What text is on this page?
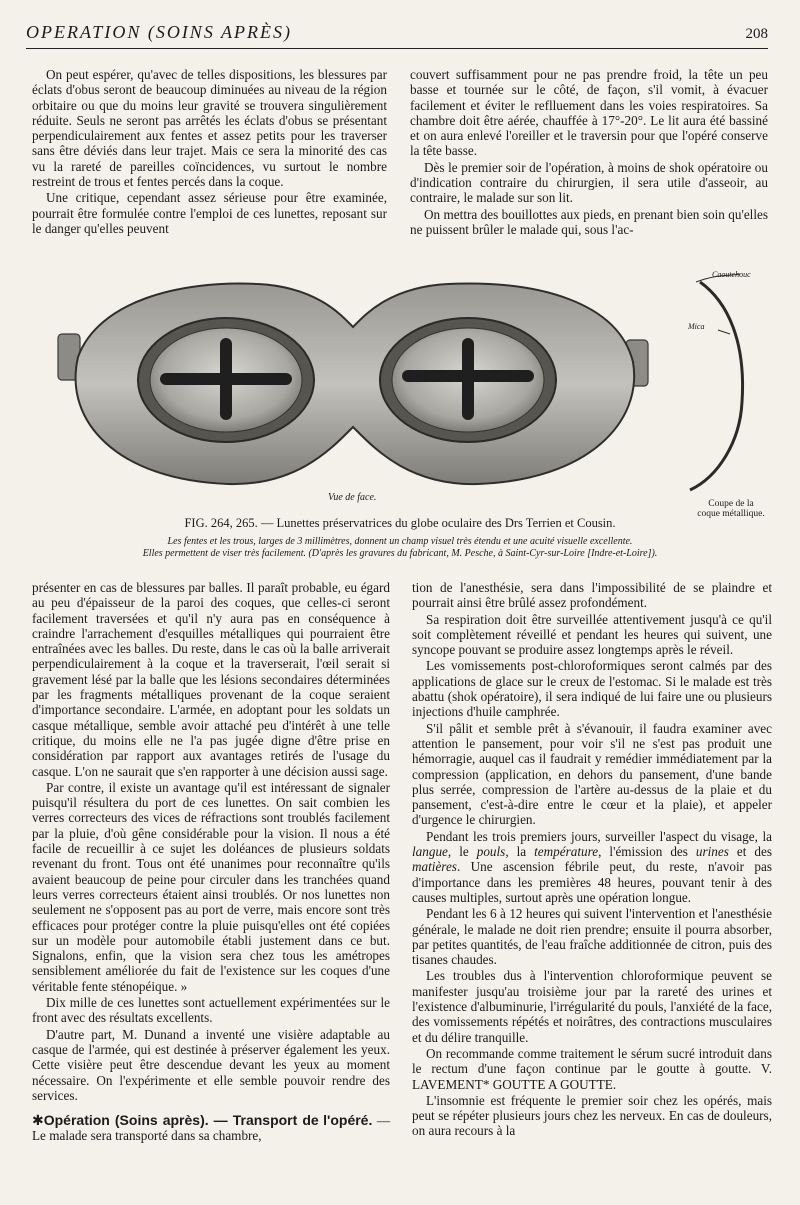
OPERATION (SOINS APRÈS)	208

On peut espérer, qu'avec de telles dispositions, les blessures par éclats d'obus seront de beaucoup diminuées au niveau de la région orbitaire ou que du moins leur gravité se trouvera singulièrement réduite. Seuls ne seront pas arrêtés les éclats d'obus se présentant perpendiculairement aux fentes et assez petits pour les traverser sans être déviés dans leur trajet. Mais ce sera la minorité des cas vu la rareté de pareilles coïncidences, vu surtout le nombre restreint de trous et fentes percés dans la coque.

Une critique, cependant assez sérieuse pour être examinée, pourrait être formulée contre l'emploi de ces lunettes, reposant sur le danger qu'elles peuvent

couvert suffisamment pour ne pas prendre froid, la tête un peu basse et tournée sur le côté, de façon, s'il vomit, à évacuer facilement et éviter le reflluement dans les voies respiratoires. Sa chambre doit être aérée, chauffée à 17°-20°. Le lit aura été bassiné et on aura enlevé l'oreiller et le traversin pour que l'opéré conserve la tête basse.

Dès le premier soir de l'opération, à moins de shok opératoire ou d'indication contraire du chirurgien, il sera utile d'asseoir, au contraire, le malade sur son lit.

On mettra des bouillottes aux pieds, en prenant bien soin qu'elles ne puissent brûler le malade qui, sous l'ac-

Vue de face.
Coupe de la coque métallique.
Caoutchouc
Mica
FIG. 264, 265. — Lunettes préservatrices du globe oculaire des Drs Terrien et Cousin.
Les fentes et les trous, larges de 3 millimètres, donnent un champ visuel très étendu et une acuité visuelle excellente.
Elles permettent de viser très facilement. (D'après les gravures du fabricant, M. Pesche, à Saint-Cyr-sur-Loire [Indre-et-Loire]).

présenter en cas de blessures par balles. Il paraît probable, eu égard au peu d'épaisseur de la paroi des coques, que celles-ci seront facilement traversées et qu'il n'y aura pas en conséquence à craindre l'arrachement d'esquilles métalliques qui pourraient être entraînées avec les balles. Du reste, dans le cas où la balle arriverait perpendiculairement à la coque et la traverserait, l'œil serait si gravement lésé par la balle que les lésions secondaires déterminées par les fragments métalliques provenant de la coque seraient d'importance secondaire. L'armée, en adoptant pour les soldats un casque métallique, semble avoir attaché peu d'intérêt à une telle critique, du moins elle ne l'a pas jugée digne d'être prise en considération par rapport aux avantages retirés de l'usage du casque. L'on ne saurait que s'en rapporter à une décision aussi sage.

Par contre, il existe un avantage qu'il est intéressant de signaler puisqu'il résultera du port de ces lunettes. On sait combien les verres correcteurs des vices de réfractions sont troublés facilement par la pluie, d'où gêne considérable pour la vision. Il nous a été facile de recueillir à ce sujet les doléances de plusieurs soldats revenant du front. Tous ont été unanimes pour reconnaître qu'ils avaient beaucoup de peine pour circuler dans les tranchées quand leurs verres correcteurs étaient ainsi troublés. Or nos lunettes non seulement ne s'opposent pas au port de verre, mais encore sont très efficaces pour protéger contre la pluie puisqu'elles ont été copiées sur un modèle pour automobile établi justement dans ce but. Signalons, enfin, que la vision sera chez tous les amétropes sensiblement améliorée du fait de l'existence sur les coques d'une véritable fente sténopéique. »

Dix mille de ces lunettes sont actuellement expérimentées sur le front avec des résultats excellents.

D'autre part, M. Dunand a inventé une visière adaptable au casque de l'armée, qui est destinée à préserver également les yeux. Cette visière peut être descendue devant les yeux au moment nécessaire. On l'expérimente et elle semble pouvoir rendre des services.

✱Opération (Soins après). — Transport de l'opéré. — Le malade sera transporté dans sa chambre,

tion de l'anesthésie, sera dans l'impossibilité de se plaindre et pourrait ainsi être brûlé assez profondément.

Sa respiration doit être surveillée attentivement jusqu'à ce qu'il soit complètement réveillé et pendant les heures qui suivent, une syncope pouvant se produire assez longtemps après le réveil.

Les vomissements post-chloroformiques seront calmés par des applications de glace sur le creux de l'estomac. Si le malade est très abattu (shok opératoire), il sera indiqué de lui faire une ou plusieurs injections d'huile camphrée.

S'il pâlit et semble prêt à s'évanouir, il faudra examiner avec attention le pansement, pour voir s'il ne s'est pas produit une hémorragie, auquel cas il faudrait y remédier immédiatement par la compression (application, en dehors du pansement, d'une bande plus serrée, compression de l'artère au-dessus de la plaie et du pansement, c'est-à-dire entre le cœur et la plaie), et appeler d'urgence le chirurgien.

Pendant les trois premiers jours, surveiller l'aspect du visage, la langue, le pouls, la température, l'émission des urines et des matières. Une ascension fébrile peut, du reste, n'avoir pas d'importance dans les premières 48 heures, pouvant tenir à des causes multiples, surtout après une opération longue.

Pendant les 6 à 12 heures qui suivent l'intervention et l'anesthésie générale, le malade ne doit rien prendre; ensuite il pourra absorber, par petites quantités, de l'eau fraîche additionnée de citron, puis des tisanes chaudes.

Les troubles dus à l'intervention chloroformique peuvent se manifester jusqu'au troisième jour par la rareté des urines et l'existence d'albuminurie, l'irrégularité du pouls, l'anxiété de la face, des vomissements répétés et noirâtres, des contractions musculaires et du délire tranquille.

On recommande comme traitement le sérum sucré introduit dans le rectum d'une façon continue par le goutte à goutte. V. LAVEMENT* GOUTTE A GOUTTE.

L'insomnie est fréquente le premier soir chez les opérés, mais peut se répéter plusieurs jours chez les nerveux. En cas de douleurs, on aura recours à la
